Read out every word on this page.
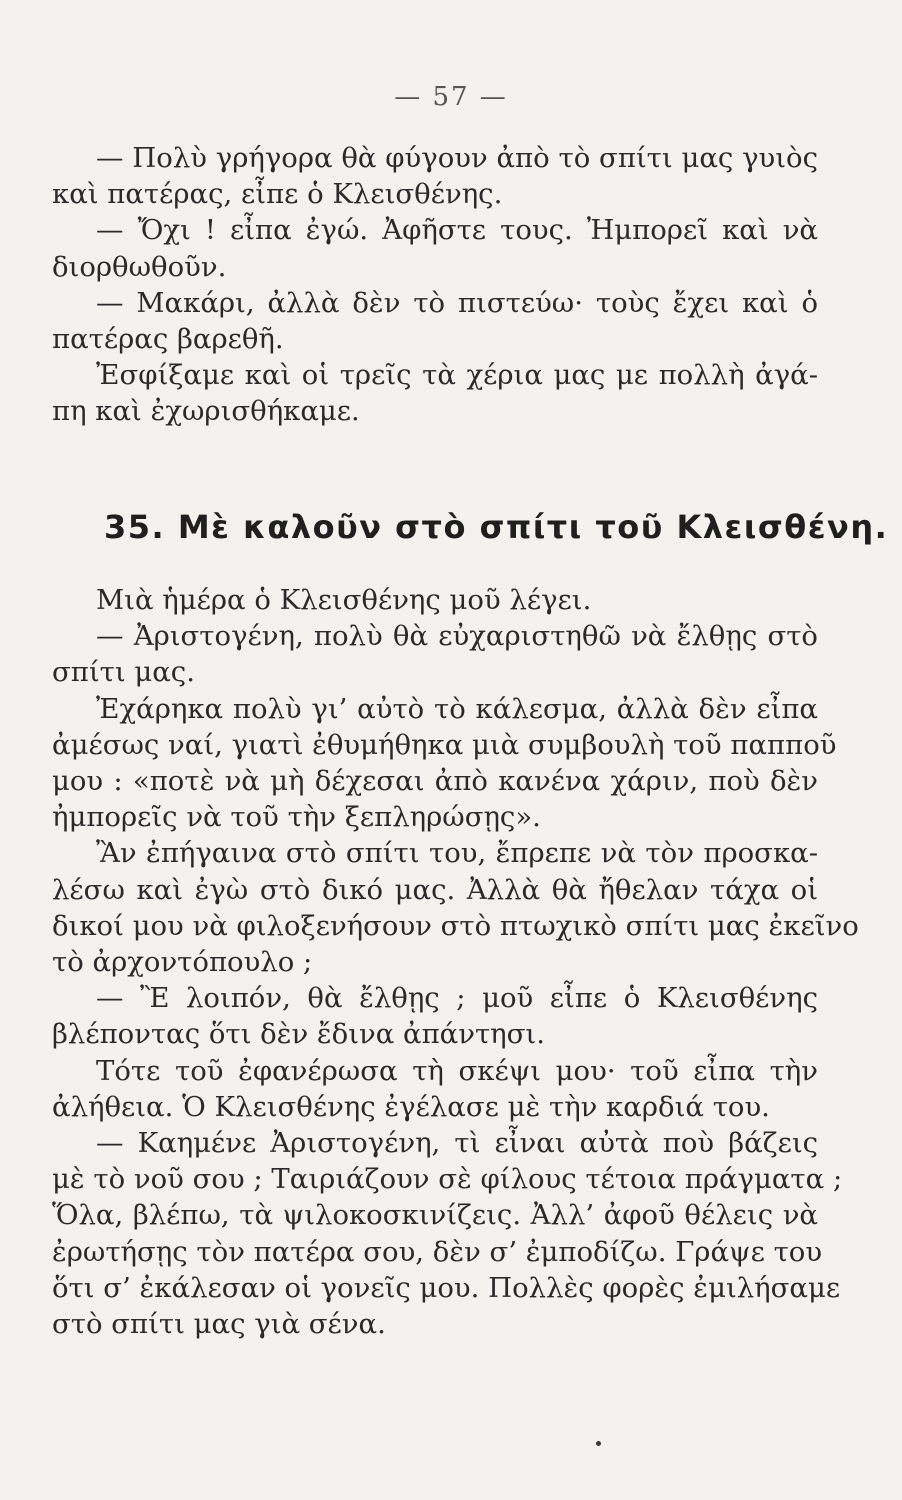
— 57 —
— Πολὺ γρήγορα θὰ φύγουν ἀπὸ τὸ σπίτι μας γυιὸς
καὶ πατέρας, εἶπε ὁ Κλεισθένης.
— Ὄχι ! εἶπα ἐγώ. Ἀφῆστε τους. Ἠμπορεῖ καὶ νὰ
διορθωθοῦν.
— Μακάρι, ἀλλὰ δὲν τὸ πιστεύω· τοὺς ἔχει καὶ ὁ
πατέρας βαρεθῆ.
Ἐσφίξαμε καὶ οἱ τρεῖς τὰ χέρια μας με πολλὴ ἀγά-
πη καὶ ἐχωρισθήκαμε.
35. Μὲ καλοῦν στὸ σπίτι τοῦ Κλεισθένη.
Μιὰ ἡμέρα ὁ Κλεισθένης μοῦ λέγει.
— Ἀριστογένη, πολὺ θὰ εὐχαριστηθῶ νὰ ἔλθῃς στὸ
σπίτι μας.
Ἐχάρηκα πολὺ γι’ αὐτὸ τὸ κάλεσμα, ἀλλὰ δὲν εἶπα
ἀμέσως ναί, γιατὶ ἐθυμήθηκα μιὰ συμβουλὴ τοῦ παπποῦ
μου : «ποτὲ νὰ μὴ δέχεσαι ἀπὸ κανένα χάριν, ποὺ δὲν
ἠμπορεῖς νὰ τοῦ τὴν ξεπληρώσῃς».
Ἂν ἐπήγαινα στὸ σπίτι του, ἔπρεπε νὰ τὸν προσκα-
λέσω καὶ ἐγὼ στὸ δικό μας. Ἀλλὰ θὰ ἤθελαν τάχα οἱ
δικοί μου νὰ φιλοξενήσουν στὸ πτωχικὸ σπίτι μας ἐκεῖνο
τὸ ἀρχοντόπουλο ;
— Ἒ λοιπόν, θὰ ἔλθῃς ; μοῦ εἶπε ὁ Κλεισθένης
βλέποντας ὅτι δὲν ἔδινα ἀπάντησι.
Τότε τοῦ ἐφανέρωσα τὴ σκέψι μου· τοῦ εἶπα τὴν
ἀλήθεια. Ὁ Κλεισθένης ἐγέλασε μὲ τὴν καρδιά του.
— Καημένε Ἀριστογένη, τὶ εἶναι αὐτὰ ποὺ βάζεις
μὲ τὸ νοῦ σου ; Ταιριάζουν σὲ φίλους τέτοια πράγματα ;
Ὅλα, βλέπω, τὰ ψιλοκοσκινίζεις. Ἀλλ’ ἀφοῦ θέλεις νὰ
ἐρωτήσῃς τὸν πατέρα σου, δὲν σ’ ἐμποδίζω. Γράψε του
ὅτι σ’ ἐκάλεσαν οἱ γονεῖς μου. Πολλὲς φορὲς ἐμιλήσαμε
στὸ σπίτι μας γιὰ σένα.
